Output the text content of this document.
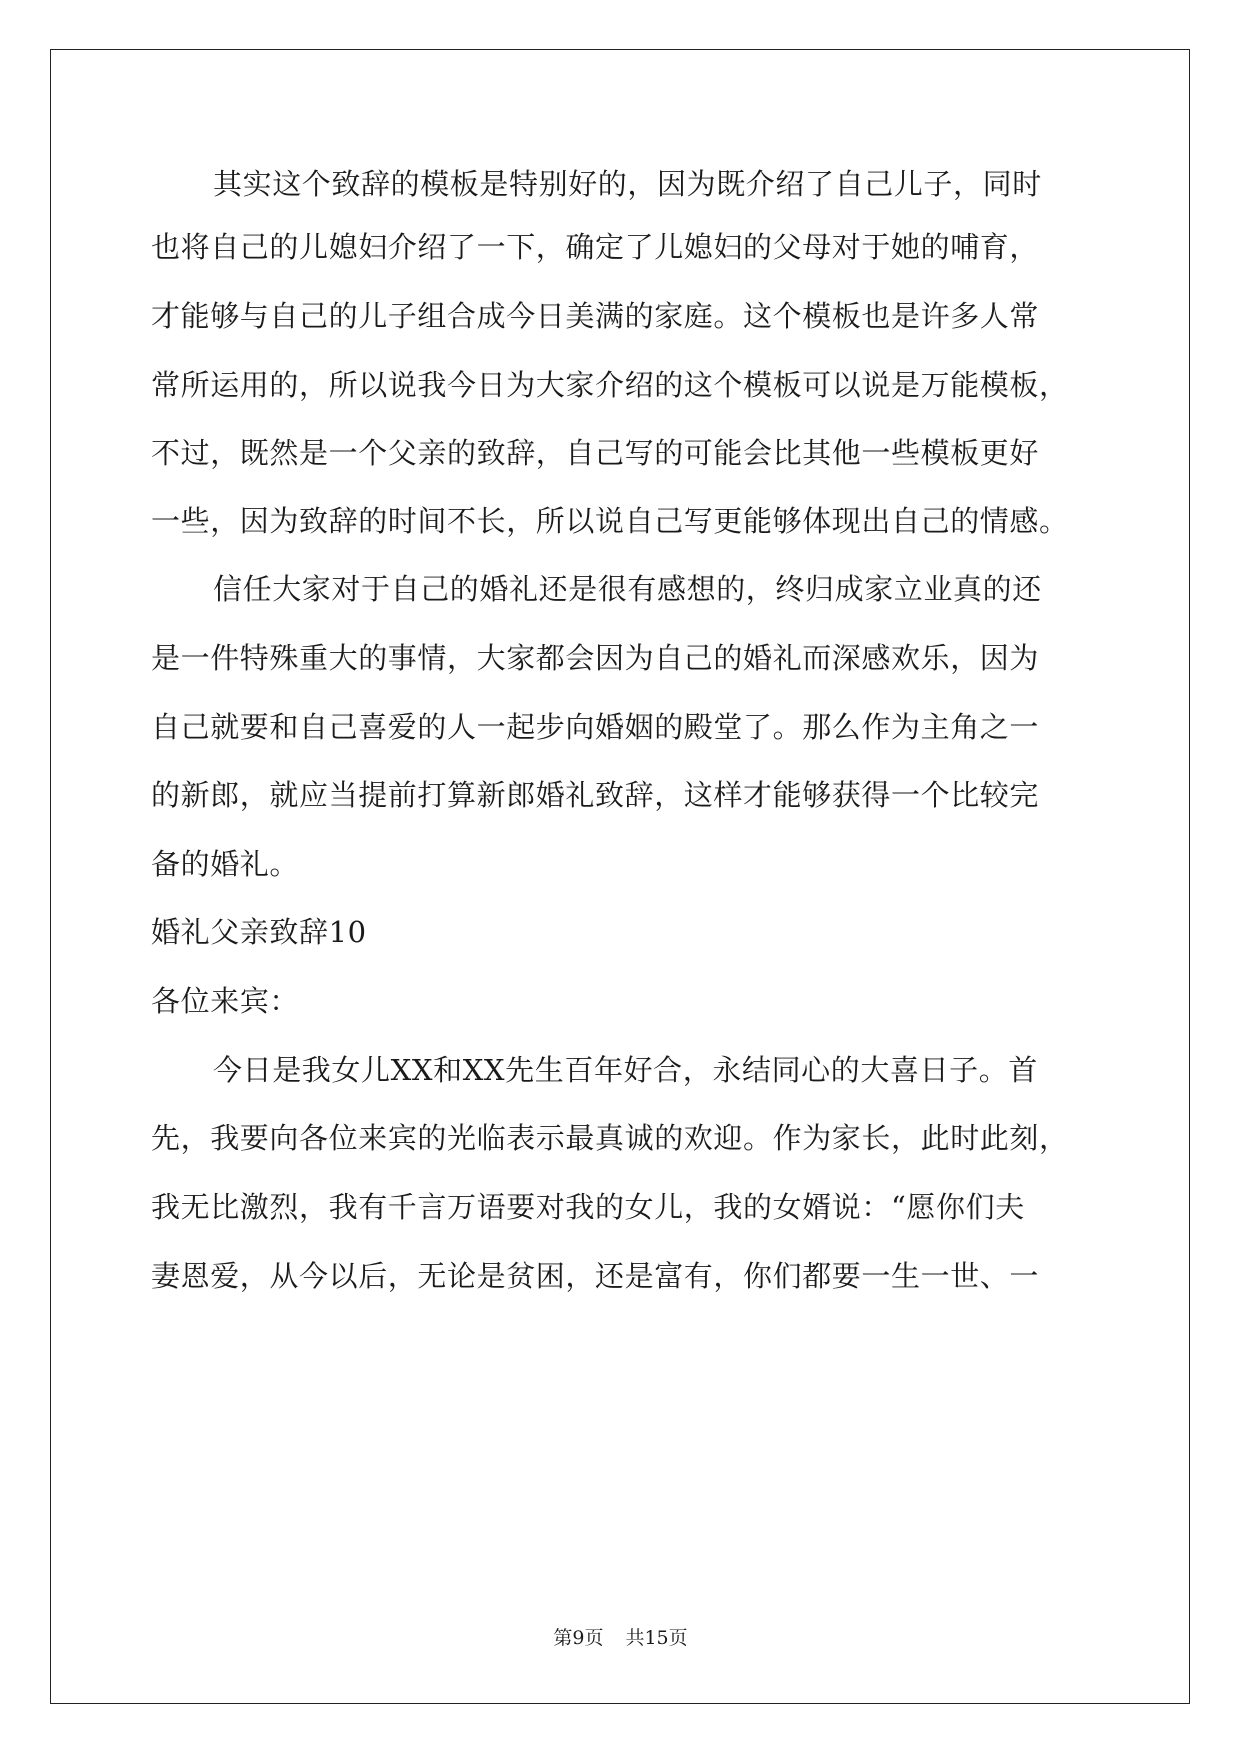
其实这个致辞的模板是特别好的，因为既介绍了自己儿子，同时
也将自己的儿媳妇介绍了一下，确定了儿媳妇的父母对于她的哺育，
才能够与自己的儿子组合成今日美满的家庭。这个模板也是许多人常
常所运用的，所以说我今日为大家介绍的这个模板可以说是万能模板，
不过，既然是一个父亲的致辞，自己写的可能会比其他一些模板更好
一些，因为致辞的时间不长，所以说自己写更能够体现出自己的情感。
信任大家对于自己的婚礼还是很有感想的，终归成家立业真的还
是一件特殊重大的事情，大家都会因为自己的婚礼而深感欢乐，因为
自己就要和自己喜爱的人一起步向婚姻的殿堂了。那么作为主角之一
的新郎，就应当提前打算新郎婚礼致辞，这样才能够获得一个比较完
备的婚礼。
婚礼父亲致辞10
各位来宾：
今日是我女儿XX和XX先生百年好合，永结同心的大喜日子。首
先，我要向各位来宾的光临表示最真诚的欢迎。作为家长，此时此刻，
我无比激烈，我有千言万语要对我的女儿，我的女婿说：“愿你们夫
妻恩爱，从今以后，无论是贫困，还是富有，你们都要一生一世、一
第9页 共15页
